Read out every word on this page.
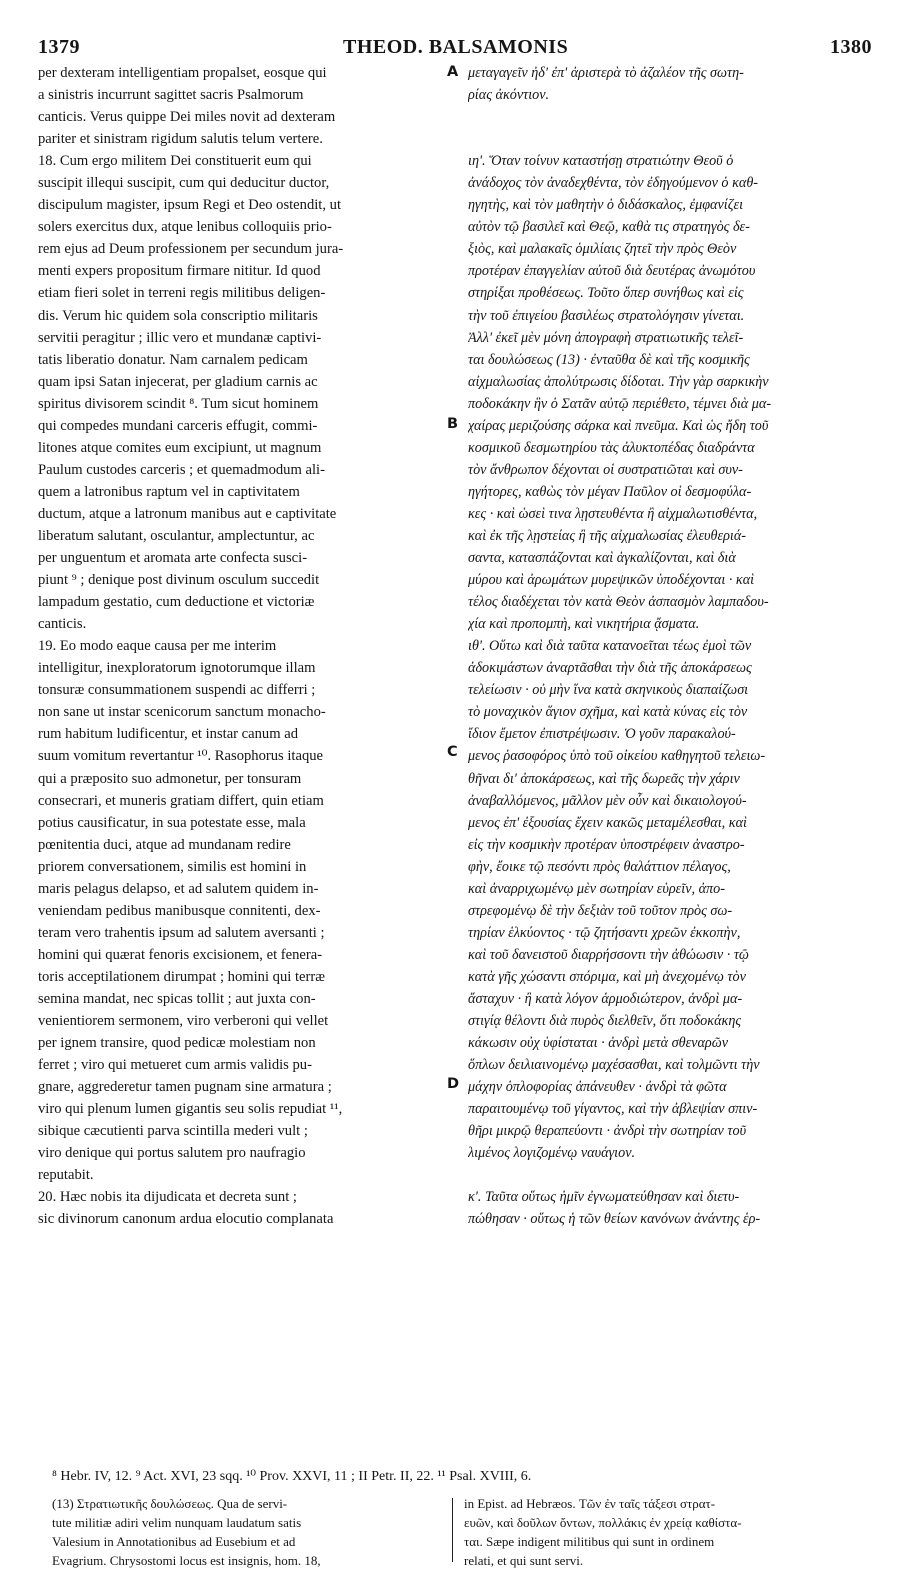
1379	THEOD. BALSAMONIS	1380
A
B
C
D
per dexteram intelligentiam propalset, eosque qui
a sinistris incurrunt sagittet sacris Psalmorum
canticis. Verus quippe Dei miles novit ad dexteram
pariter et sinistram rigidum salutis telum vertere.
18. Cum ergo militem Dei constituerit eum qui
suscipit illequi suscipit, cum qui deducitur ductor,
discipulum magister, ipsum Regi et Deo ostendit, ut
solers exercitus dux, atque lenibus colloquiis prio-
rem ejus ad Deum professionem per secundum jura-
menti expers propositum firmare nititur. Id quod
etiam fieri solet in terreni regis militibus deligen-
dis. Verum hic quidem sola conscriptio militaris
servitii peragitur ; illic vero et mundanæ captivi-
tatis liberatio donatur. Nam carnalem pedicam
quam ipsi Satan injecerat, per gladium carnis ac
spiritus divisorem scindit ⁸. Tum sicut hominem
qui compedes mundani carceris effugit, commi-
litones atque comites eum excipiunt, ut magnum
Paulum custodes carceris ; et quemadmodum ali-
quem a latronibus raptum vel in captivitatem
ductum, atque a latronum manibus aut e captivitate
liberatum salutant, osculantur, amplectuntur, ac
per unguentum et aromata arte confecta susci-
piunt ⁹ ; denique post divinum osculum succedit
lampadum gestatio, cum deductione et victoriæ
canticis.
19. Eo modo eaque causa per me interim
intelligitur, inexploratorum ignotorumque illam
tonsuræ consummationem suspendi ac differri ;
non sane ut instar scenicorum sanctum monacho-
rum habitum ludificentur, et instar canum ad
suum vomitum revertantur ¹⁰. Rasophorus itaque
qui a præposito suo admonetur, per tonsuram
consecrari, et muneris gratiam differt, quin etiam
potius causificatur, in sua potestate esse, mala
pœnitentia duci, atque ad mundanam redire
priorem conversationem, similis est homini in
maris pelagus delapso, et ad salutem quidem in-
veniendam pedibus manibusque connitenti, dex-
teram vero trahentis ipsum ad salutem aversanti ;
homini qui quærat fenoris excisionem, et fenera-
toris acceptilationem dirumpat ; homini qui terræ
semina mandat, nec spicas tollit ; aut juxta con-
venientiorem sermonem, viro verberoni qui vellet
per ignem transire, quod pedicæ molestiam non
ferret ; viro qui metueret cum armis validis pu-
gnare, aggrederetur tamen pugnam sine armatura ;
viro qui plenum lumen gigantis seu solis repudiat ¹¹,
sibique cæcutienti parva scintilla mederi vult ;
viro denique qui portus salutem pro naufragio
reputabit.
20. Hæc nobis ita dijudicata et decreta sunt ;
sic divinorum canonum ardua elocutio complanata
μεταγαγεῖν ἠδ' ἐπ' ἀριστερὰ τὸ ἀζαλέον τῆς σωτη-
ρίας ἀκόντιον.
ιη'. Ὅταν τοίνυν καταστήσῃ στρατιώτην Θεοῦ ὁ
ἀνάδοχος τὸν ἀναδεχθέντα, τὸν ἐδηγούμενον ὁ καθ-
ηγητὴς, καὶ τὸν μαθητὴν ὁ διδάσκαλος, ἐμφανίζει
αὐτὸν τῷ βασιλεῖ καὶ Θεῷ, καθὰ τις στρατηγὸς δε-
ξιὸς, καὶ μαλακαῖς ὁμιλίαις ζητεῖ τὴν πρὸς Θεὸν
προτέραν ἐπαγγελίαν αὐτοῦ διὰ δευτέρας ἀνωμότου
στηρίξαι προθέσεως. Τοῦτο ὅπερ συνήθως καὶ εἰς
τὴν τοῦ ἐπιγείου βασιλέως στρατολόγησιν γίνεται.
Ἀλλ' ἐκεῖ μὲν μόνη ἀπογραφὴ στρατιωτικῆς τελεῖ-
ται δουλώσεως (13) · ἐνταῦθα δὲ καὶ τῆς κοσμικῆς
αἰχμαλωσίας ἀπολύτρωσις δίδοται. Τὴν γὰρ σαρκικὴν
ποδοκάκην ἣν ὁ Σατᾶν αὐτῷ περιέθετο, τέμνει διὰ μα-
χαίρας μεριζούσης σάρκα καὶ πνεῦμα. Καὶ ὡς ἤδη τοῦ
κοσμικοῦ δεσμωτηρίου τὰς ἀλυκτοπέδας διαδράντα
τὸν ἄνθρωπον δέχονται οἱ συστρατιῶται καὶ συν-
ηγήτορες, καθὼς τὸν μέγαν Παῦλον οἱ δεσμοφύλα-
κες · καὶ ὡσεὶ τινα λῃστευθέντα ἢ αἰχμαλωτισθέντα,
καὶ ἐκ τῆς λῃστείας ἢ τῆς αἰχμαλωσίας ἐλευθεριά-
σαντα, κατασπάζονται καὶ ἀγκαλίζονται, καὶ διὰ
μύρου καὶ ἀρωμάτων μυρεψικῶν ὑποδέχονται · καὶ
τέλος διαδέχεται τὸν κατὰ Θεὸν ἀσπασμὸν λαμπαδου-
χία καὶ προπομπὴ, καὶ νικητήρια ᾄσματα.
ιθ'. Οὕτω καὶ διὰ ταῦτα κατανοεῖται τέως ἐμοὶ τῶν
ἀδοκιμάστων ἀναρτᾶσθαι τὴν διὰ τῆς ἀποκάρσεως
τελείωσιν · οὐ μὴν ἵνα κατὰ σκηνικοὺς διαπαίζωσι
τὸ μοναχικὸν ἅγιον σχῆμα, καὶ κατὰ κύνας εἰς τὸν
ἴδιον ἔμετον ἐπιστρέψωσιν. Ὁ γοῦν παρακαλού-
μενος ῥασοφόρος ὑπὸ τοῦ οἰκείου καθηγητοῦ τελειω-
θῆναι δι' ἀποκάρσεως, καὶ τῆς δωρεᾶς τὴν χάριν
ἀναβαλλόμενος, μᾶλλον μὲν οὖν καὶ δικαιολογού-
μενος ἐπ' ἐξουσίας ἔχειν κακῶς μεταμέλεσθαι, καὶ
εἰς τὴν κοσμικὴν προτέραν ὑποστρέφειν ἀναστρο-
φὴν, ἔοικε τῷ πεσόντι πρὸς θαλάττιον πέλαγος,
καὶ ἀναρριχωμένῳ μὲν σωτηρίαν εὑρεῖν, ἀπο-
στρεφομένῳ δὲ τὴν δεξιὰν τοῦ τοῦτον πρὸς σω-
τηρίαν ἑλκύοντος · τῷ ζητήσαντι χρεῶν ἐκκοπὴν,
καὶ τοῦ δανειστοῦ διαρρήσσοντι τὴν ἀθώωσιν · τῷ
κατὰ γῆς χώσαντι σπόριμα, καὶ μὴ ἀνεχομένῳ τὸν
ἄσταχυν · ἢ κατὰ λόγον ἁρμοδιώτερον, ἀνδρὶ μα-
στιγίᾳ θέλοντι διὰ πυρὸς διελθεῖν, ὅτι ποδοκάκης
κάκωσιν οὐχ ὑφίσταται · ἀνδρὶ μετὰ σθεναρῶν
ὅπλων δειλιαινομένῳ μαχέσασθαι, καὶ τολμῶντι τὴν
μάχην ὁπλοφορίας ἀπάνευθεν · ἀνδρὶ τὰ φῶτα
παραιτουμένῳ τοῦ γίγαντος, καὶ τὴν ἀβλεψίαν σπιν-
θῆρι μικρῷ θεραπεύοντι · ἀνδρὶ τὴν σωτηρίαν τοῦ
λιμένος λογιζομένῳ ναυάγιον.
κ'. Ταῦτα οὕτως ἡμῖν ἐγνωματεύθησαν καὶ διετυ-
πώθησαν · οὕτως ἡ τῶν θείων κανόνων ἀνάντης ἑρ-
⁸ Hebr. IV, 12. ⁹ Act. XVI, 23 sqq. ¹⁰ Prov. XXVI, 11 ; II Petr. II, 22. ¹¹ Psal. XVIII, 6.
(13) Στρατιωτικῆς δουλώσεως. Qua de servi-
tute militiæ adiri velim nunquam laudatum satis
Valesium in Annotationibus ad Eusebium et ad
Evagrium. Chrysostomi locus est insignis, hom. 18,
in Epist. ad Hebræos. Τῶν ἐν ταῖς τάξεσι στρατ-
ευῶν, καὶ δοῦλων ὄντων, πολλάκις ἐν χρείᾳ καθίστα-
ται. Sæpe indigent militibus qui sunt in ordinem
relati, et qui sunt servi.
